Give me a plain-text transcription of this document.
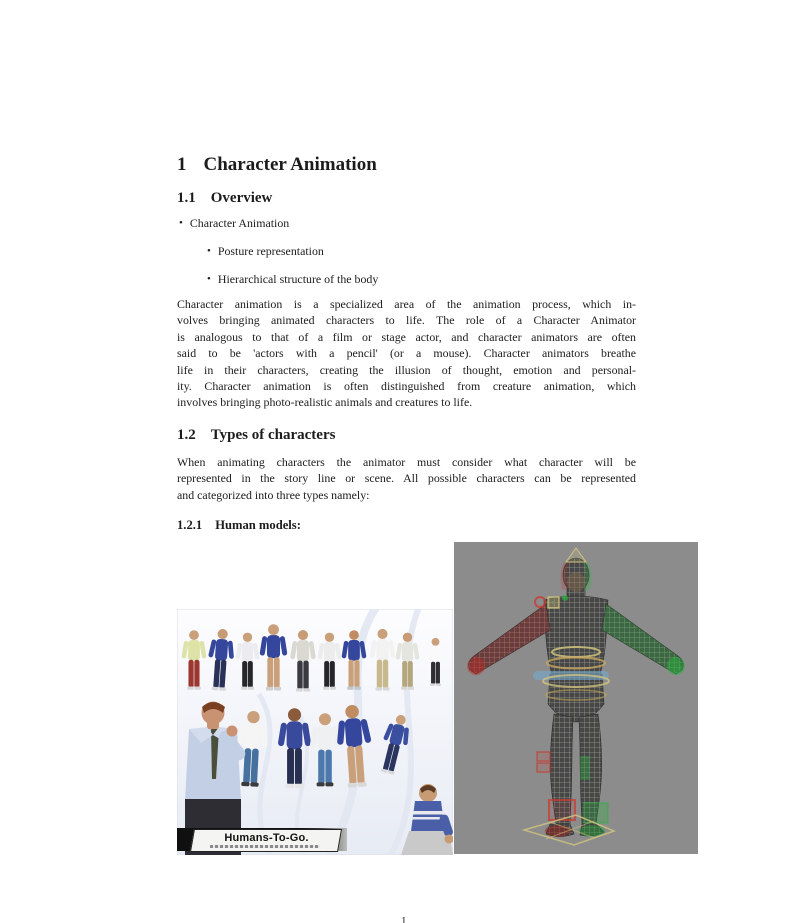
1 Character Animation
1.1 Overview
• Character Animation
• Posture representation
• Hierarchical structure of the body
Character animation is a specialized area of the animation process, which in-
volves bringing animated characters to life. The role of a Character Animator
is analogous to that of a film or stage actor, and character animators are often
said to be 'actors with a pencil' (or a mouse). Character animators breathe
life in their characters, creating the illusion of thought, emotion and personal-
ity. Character animation is often distinguished from creature animation, which
involves bringing photo-realistic animals and creatures to life.
1.2 Types of characters
When animating characters the animator must consider what character will be
represented in the story line or scene. All possible characters can be represented
and categorized into three types namely:
1.2.1 Human models:
Humans-To-Go.
1
